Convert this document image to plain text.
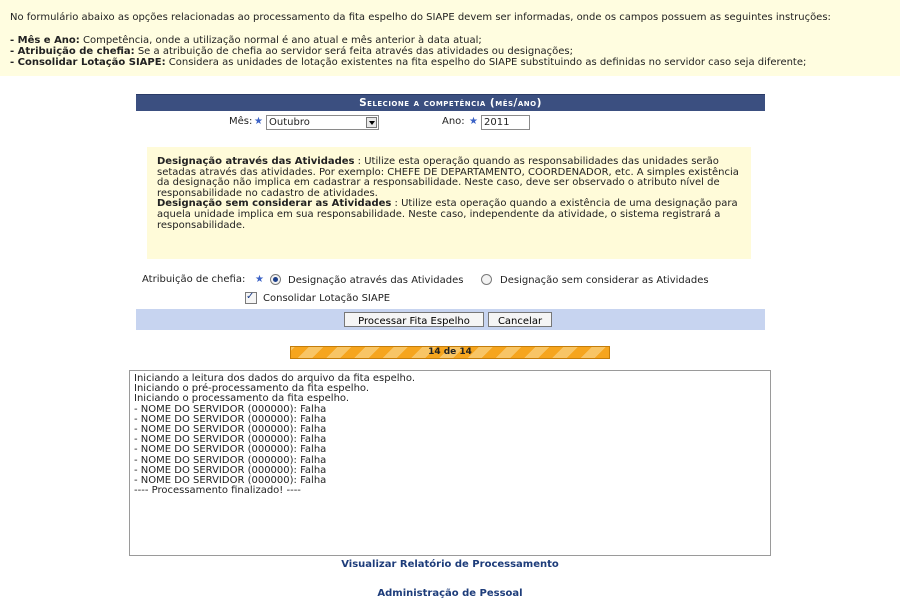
No formulário abaixo as opções relacionadas ao processamento da fita espelho do SIAPE devem ser informadas, onde os campos possuem as seguintes instruções:

- Mês e Ano: Competência, onde a utilização normal é ano atual e mês anterior à data atual;

- Atribuição de chefia: Se a atribuição de chefia ao servidor será feita através das atividades ou designações;

- Consolidar Lotação SIAPE: Considera as unidades de lotação existentes na fita espelho do SIAPE substituindo as definidas no servidor caso seja diferente;

Selecione a competência (mês/ano)
Mês: ★ Outubro	Ano: ★ 2011

Designação através das Atividades : Utilize esta operação quando as responsabilidades das unidades serão setadas através das atividades. Por exemplo: CHEFE DE DEPARTAMENTO, COORDENADOR, etc. A simples existência da designação não implica em cadastrar a responsabilidade. Neste caso, deve ser observado o atributo nível de responsabilidade no cadastro de atividades.

Designação sem considerar as Atividades : Utilize esta operação quando a existência de uma designação para aquela unidade implica em sua responsabilidade. Neste caso, independente da atividade, o sistema registrará a responsabilidade.

Atribuição de chefia: ★ Designação através das Atividades	Designação sem considerar as Atividades
✓
Consolidar Lotação SIAPE
Processar Fita Espelho	Cancelar
14 de 14
Iniciando a leitura dos dados do arquivo da fita espelho.
Iniciando o pré-processamento da fita espelho.
Iniciando o processamento da fita espelho.
- NOME DO SERVIDOR (000000): Falha
- NOME DO SERVIDOR (000000): Falha
- NOME DO SERVIDOR (000000): Falha
- NOME DO SERVIDOR (000000): Falha
- NOME DO SERVIDOR (000000): Falha
- NOME DO SERVIDOR (000000): Falha
- NOME DO SERVIDOR (000000): Falha
- NOME DO SERVIDOR (000000): Falha
---- Processamento finalizado! ----
Visualizar Relatório de Processamento
Administração de Pessoal
